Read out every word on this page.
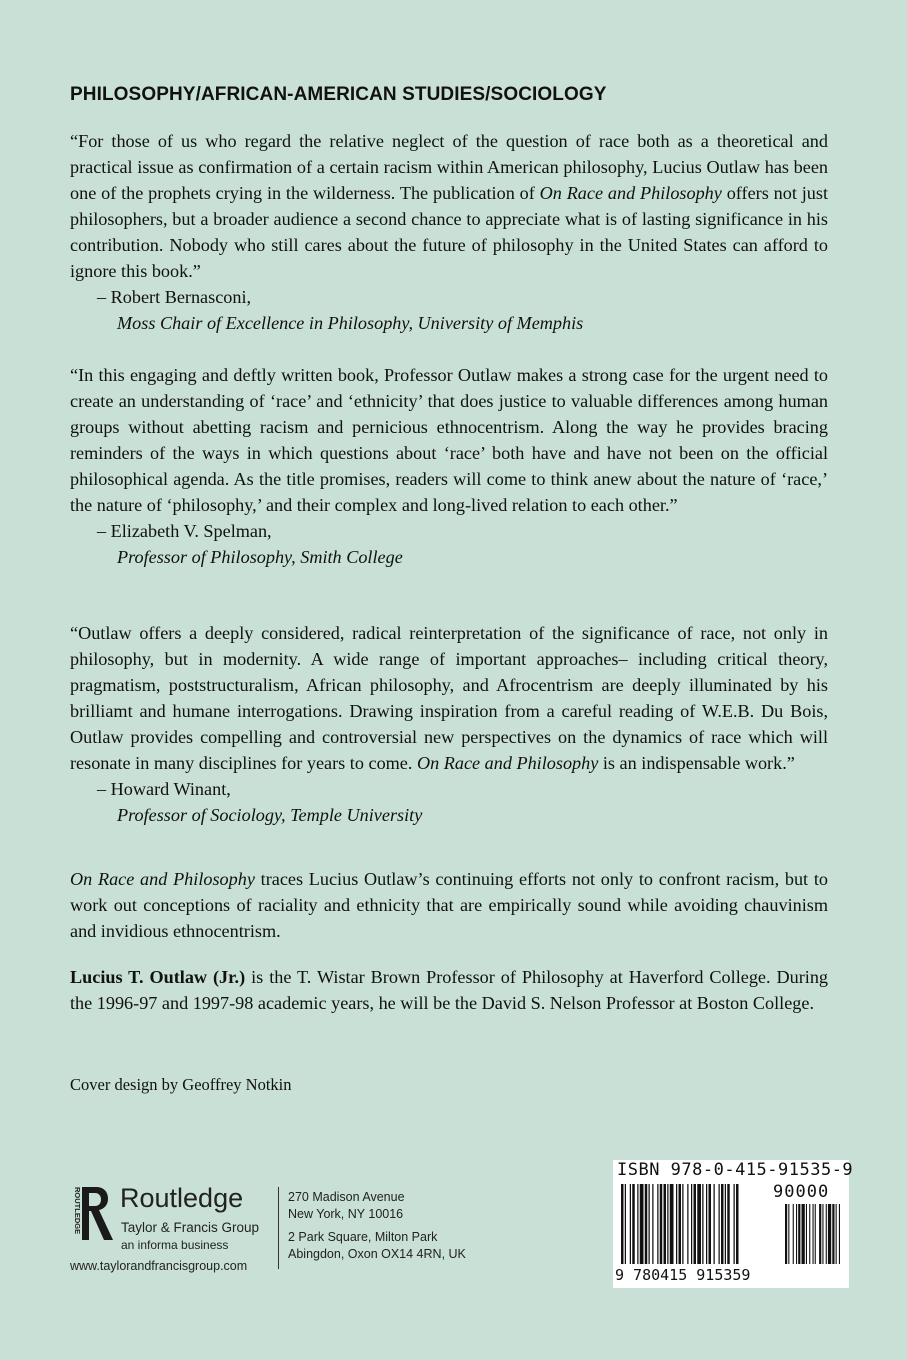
PHILOSOPHY/AFRICAN-AMERICAN STUDIES/SOCIOLOGY

“For those of us who regard the relative neglect of the question of race both as a theoretical and practical issue as confirmation of a certain racism within American philosophy, Lucius Outlaw has been one of the prophets crying in the wilderness. The publication of On Race and Philosophy offers not just philosophers, but a broader audience a second chance to appreciate what is of lasting significance in his contribution. Nobody who still cares about the future of philosophy in the United States can afford to ignore this book.”

– Robert Bernasconi,

Moss Chair of Excellence in Philosophy, University of Memphis

“In this engaging and deftly written book, Professor Outlaw makes a strong case for the urgent need to create an understanding of ‘race’ and ‘ethnicity’ that does justice to valuable differences among human groups without abetting racism and pernicious ethnocentrism. Along the way he provides bracing reminders of the ways in which questions about ‘race’ both have and have not been on the official philosophical agenda. As the title promises, readers will come to think anew about the nature of ‘race,’ the nature of ‘philosophy,’ and their complex and long-lived relation to each other.”

– Elizabeth V. Spelman,

Professor of Philosophy, Smith College

“Outlaw offers a deeply considered, radical reinterpretation of the significance of race, not only in philosophy, but in modernity. A wide range of important approaches– including critical theory, pragmatism, poststructuralism, African philosophy, and Afrocentrism are deeply illuminated by his brilliamt and humane interrogations. Drawing inspiration from a careful reading of W.E.B. Du Bois, Outlaw provides compelling and controversial new perspectives on the dynamics of race which will resonate in many disciplines for years to come. On Race and Philosophy is an indispensable work.”

– Howard Winant,

Professor of Sociology, Temple University

On Race and Philosophy traces Lucius Outlaw’s continuing efforts not only to confront racism, but to work out conceptions of raciality and ethnicity that are empirically sound while avoiding chauvinism and invidious ethnocentrism.

Lucius T. Outlaw (Jr.) is the T. Wistar Brown Professor of Philosophy at Haverford College. During the 1996-97 and 1997-98 academic years, he will be the David S. Nelson Professor at Boston College.

Cover design by Geoffrey Notkin
ROUTLEDGE Routledge
Taylor & Francis Group
an informa business
www.taylorandfrancisgroup.com
270 Madison Avenue
New York, NY 10016
2 Park Square, Milton Park
Abingdon, Oxon OX14 4RN, UK
ISBN 978-0-415-91535-9
90000
9 780415 915359
